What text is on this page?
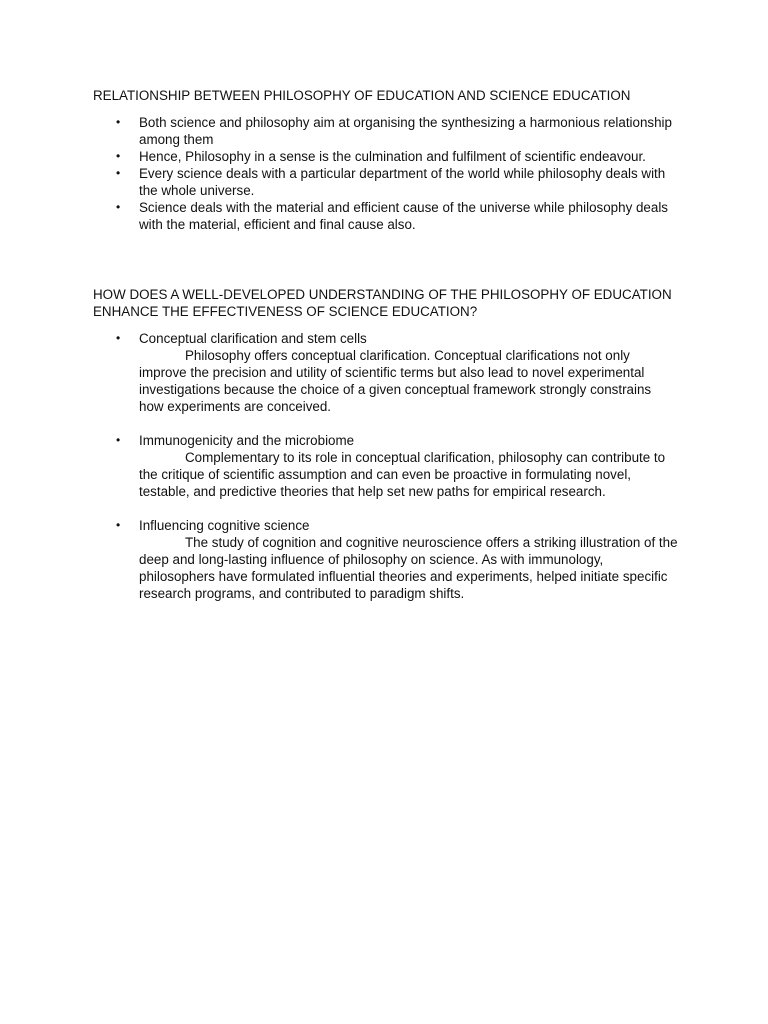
RELATIONSHIP BETWEEN PHILOSOPHY OF EDUCATION AND SCIENCE EDUCATION
•	Both science and philosophy aim at organising the synthesizing a harmonious relationship among them
•	Hence, Philosophy in a sense is the culmination and fulfilment of scientific endeavour.
•	Every science deals with a particular department of the world while philosophy deals with the whole universe.
•	Science deals with the material and efficient cause of the universe while philosophy deals with the material, efficient and final cause also.
HOW DOES A WELL-DEVELOPED UNDERSTANDING OF THE PHILOSOPHY OF EDUCATION ENHANCE THE EFFECTIVENESS OF SCIENCE EDUCATION?
•	Conceptual clarification and stem cells
Philosophy offers conceptual clarification. Conceptual clarifications not only improve the precision and utility of scientific terms but also lead to novel experimental investigations because the choice of a given conceptual framework strongly constrains how experiments are conceived.
•	Immunogenicity and the microbiome
Complementary to its role in conceptual clarification, philosophy can contribute to the critique of scientific assumption and can even be proactive in formulating novel, testable, and predictive theories that help set new paths for empirical research.
•	Influencing cognitive science
The study of cognition and cognitive neuroscience offers a striking illustration of the deep and long-lasting influence of philosophy on science. As with immunology, philosophers have formulated influential theories and experiments, helped initiate specific research programs, and contributed to paradigm shifts.
